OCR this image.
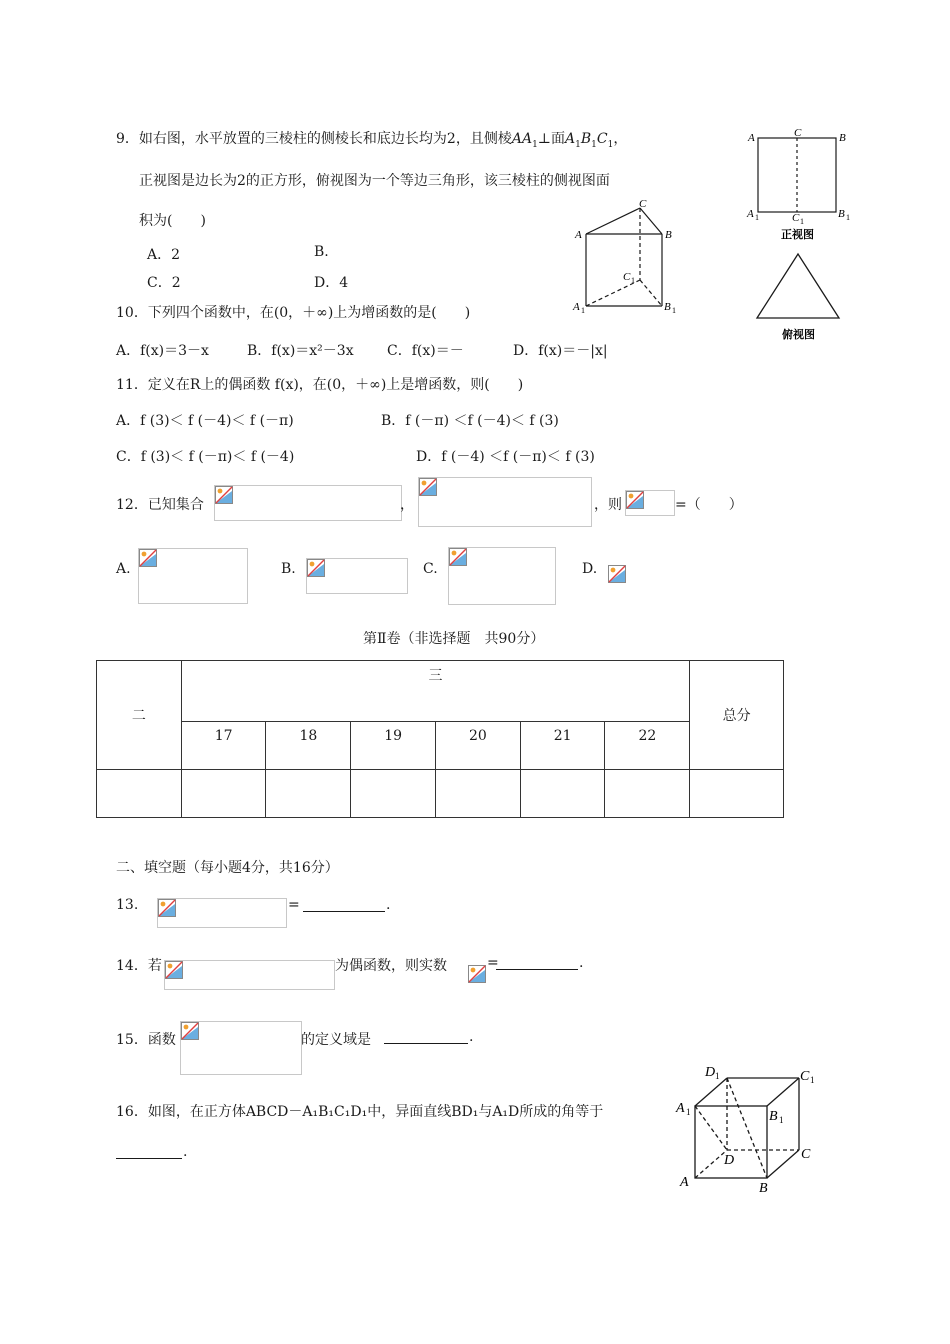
9．如右图，水平放置的三棱柱的侧棱长和底边长均为2，且侧棱$AA_1\perp$面$A_1B_1C_1$，
正视图是边长为2的正方形，俯视图为一个等边三角形，该三棱柱的侧视图面
积为(　　)
A．2	B.
C．2	D．4
C
A	B
C 1
A 1	B 1
A	C	B
A 1	C 1
B 1
正视图
俯视图
10．下列四个函数中，在(0，＋∞)上为增函数的是(　　)
A．f(x)＝3－x	B．f(x)＝x²－3x C．f(x)＝－	D．f(x)＝－|x|
11．定义在R上的偶函数 f(x)，在(0，＋∞)上是增函数，则(　　)
A．f (3)＜ f (－4)＜ f (－π)	B．f (－π) ＜f (－4)＜ f (3)
C．f (3)＜ f (－π)＜ f (－4)	D．f (－4) ＜f (－π)＜ f (3)
12．已知集合	，	，则	=（　　）
A.	B.	C.	D.
第Ⅱ卷（非选择题　共90分）
二	三						总分
	17	18	19	20	21	22	

二、填空题（每小题4分，共16分）
13.	=	.
14．若	为偶函数，则实数	=	.
15．函数	的定义域是	.
16．如图，在正方体ABCD－A₁B₁C₁D₁中，异面直线BD₁与A₁D所成的角等于
.
D 1	C 1
A 1	B 1
D	C
A	B
